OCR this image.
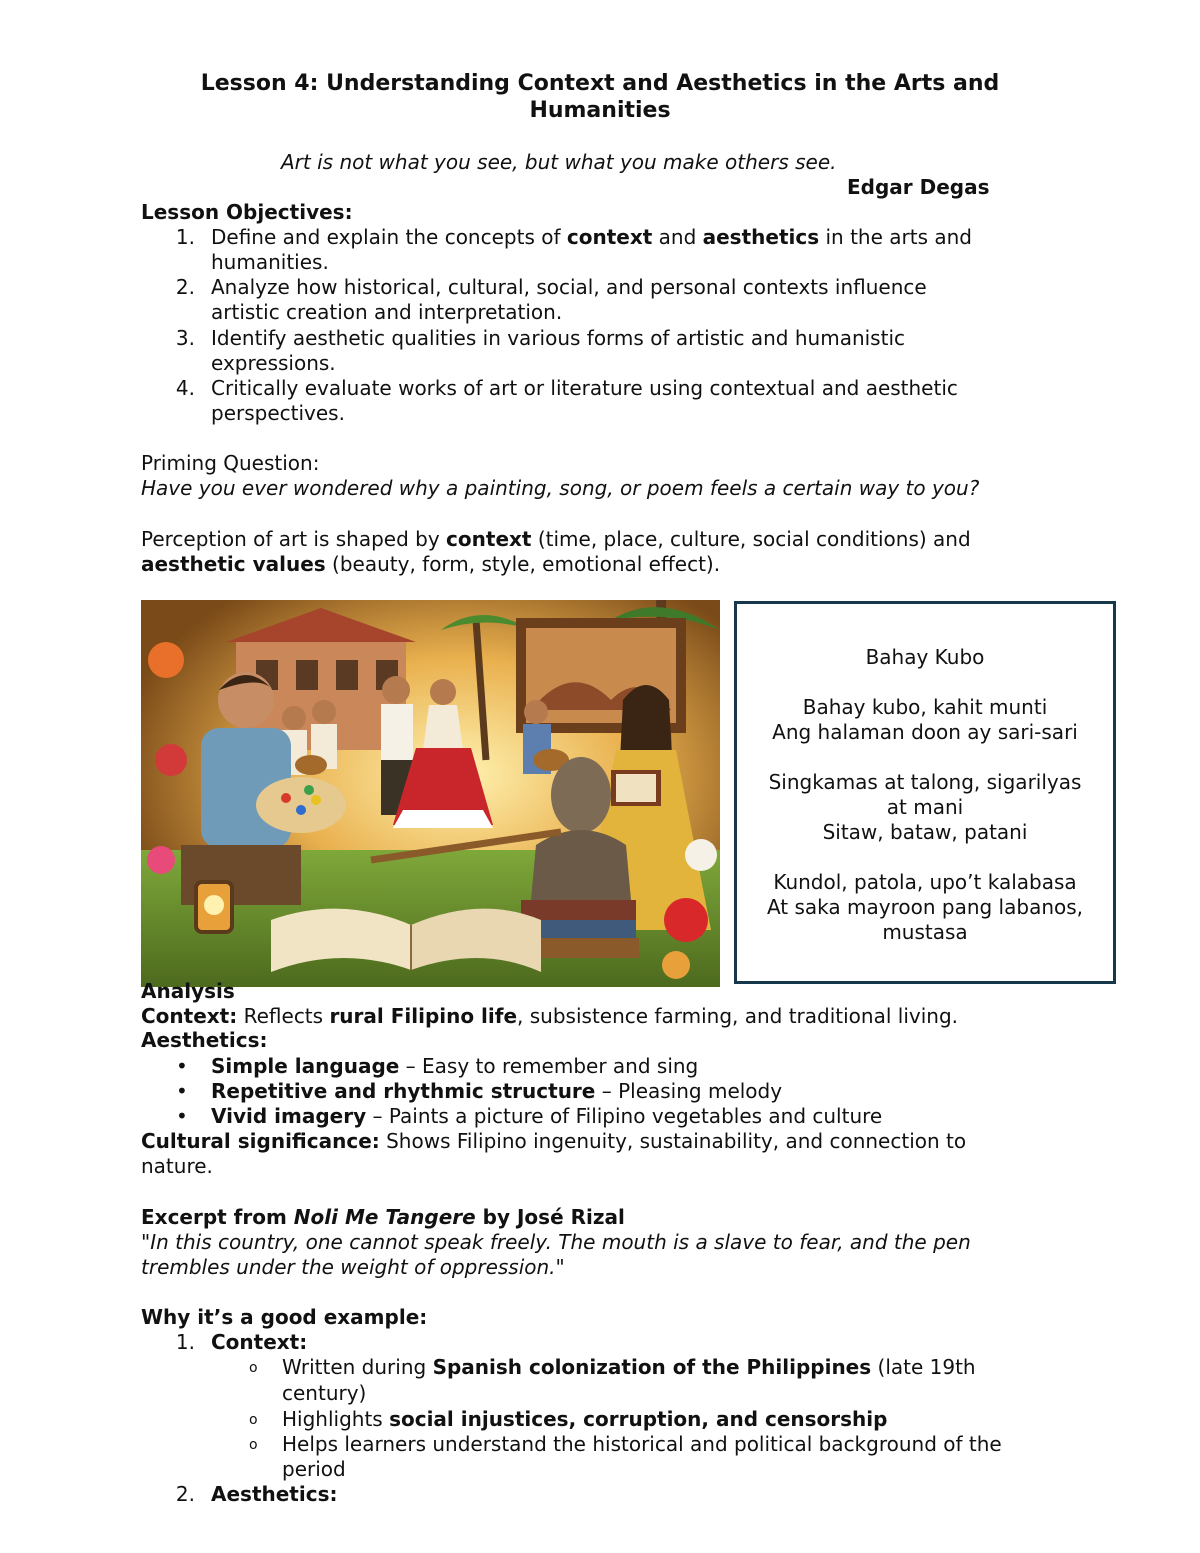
Lesson 4: Understanding Context and Aesthetics in the Arts and
Humanities
Art is not what you see, but what you make others see.
Edgar Degas
Lesson Objectives:
1. Define and explain the concepts of context and aesthetics in the arts and
humanities.
2. Analyze how historical, cultural, social, and personal contexts influence
artistic creation and interpretation.
3. Identify aesthetic qualities in various forms of artistic and humanistic
expressions.
4. Critically evaluate works of art or literature using contextual and aesthetic
perspectives.
Priming Question:
Have you ever wondered why a painting, song, or poem feels a certain way to you?
Perception of art is shaped by context (time, place, culture, social conditions) and
aesthetic values (beauty, form, style, emotional effect).
Bahay Kubo
Bahay kubo, kahit munti
Ang halaman doon ay sari-sari
Singkamas at talong, sigarilyas
at mani
Sitaw, bataw, patani
Kundol, patola, upo’t kalabasa
At saka mayroon pang labanos,
mustasa
Analysis
Context: Reflects rural Filipino life, subsistence farming, and traditional living.
Aesthetics:
• Simple language – Easy to remember and sing
• Repetitive and rhythmic structure – Pleasing melody
• Vivid imagery – Paints a picture of Filipino vegetables and culture
Cultural significance: Shows Filipino ingenuity, sustainability, and connection to
nature.
Excerpt from Noli Me Tangere by José Rizal
"In this country, one cannot speak freely. The mouth is a slave to fear, and the pen
trembles under the weight of oppression."
Why it’s a good example:
1. Context:
o Written during Spanish colonization of the Philippines (late 19th
century)
o Highlights social injustices, corruption, and censorship
o Helps learners understand the historical and political background of the
period
2. Aesthetics:
